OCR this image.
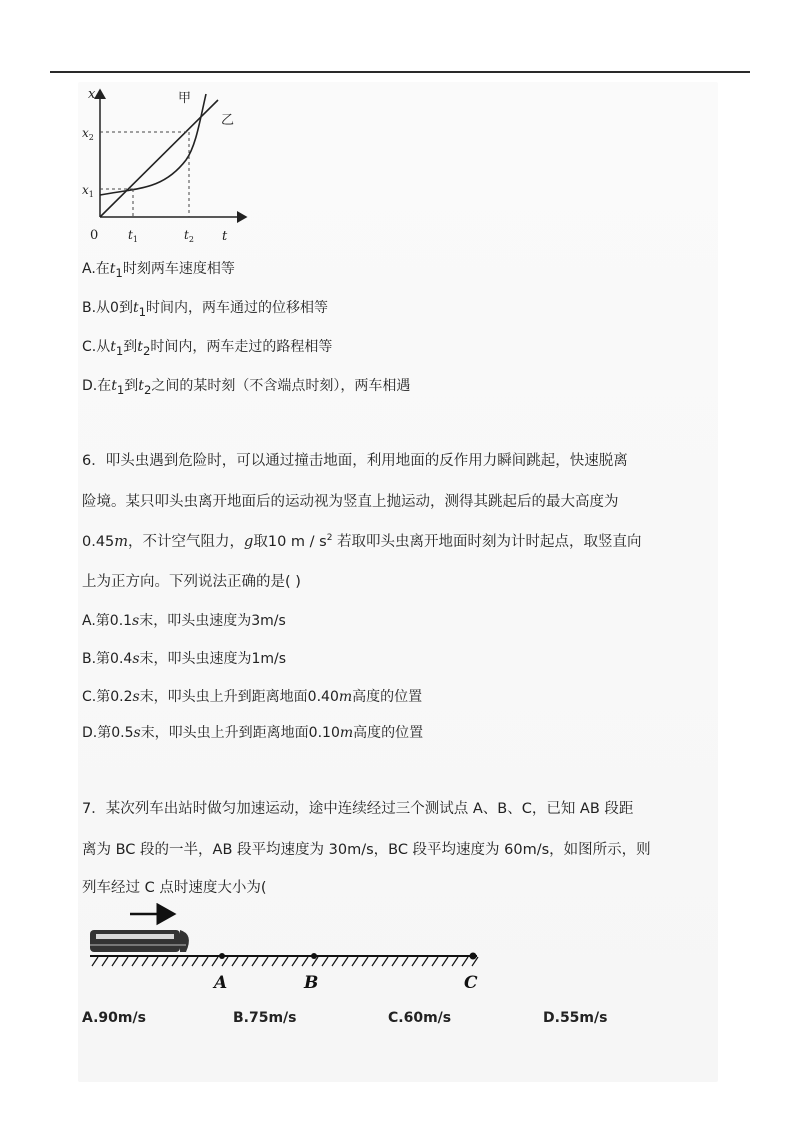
x
t
0
$x_1$
$x_2$
$t_1$	$t_2$
甲
乙
A.在$t_1$时刻两车速度相等
B.从0到$t_1$时间内，两车通过的位移相等
C.从$t_1$到$t_2$时间内，两车走过的路程相等
D.在$t_1$到$t_2$之间的某时刻（不含端点时刻），两车相遇
6．叩头虫遇到危险时，可以通过撞击地面，利用地面的反作用力瞬间跳起，快速脱离
险境。某只叩头虫离开地面后的运动视为竖直上抛运动，测得其跳起后的最大高度为
0.45m，不计空气阻力，g取10 m / $s^2$ 若取叩头虫离开地面时刻为计时起点，取竖直向
上为正方向。下列说法正确的是( )
A.第0.1s末，叩头虫速度为3m/s
B.第0.4s末，叩头虫速度为1m/s
C.第0.2s末，叩头虫上升到距离地面0.40m高度的位置
D.第0.5s末，叩头虫上升到距离地面0.10m高度的位置
7．某次列车出站时做匀加速运动，途中连续经过三个测试点 A、B、C，已知 AB 段距
离为 BC 段的一半，AB 段平均速度为 30m/s，BC 段平均速度为 60m/s，如图所示，则
列车经过 C 点时速度大小为(
A	B	C
A.90m/s	B.75m/s	C.60m/s	D.55m/s
